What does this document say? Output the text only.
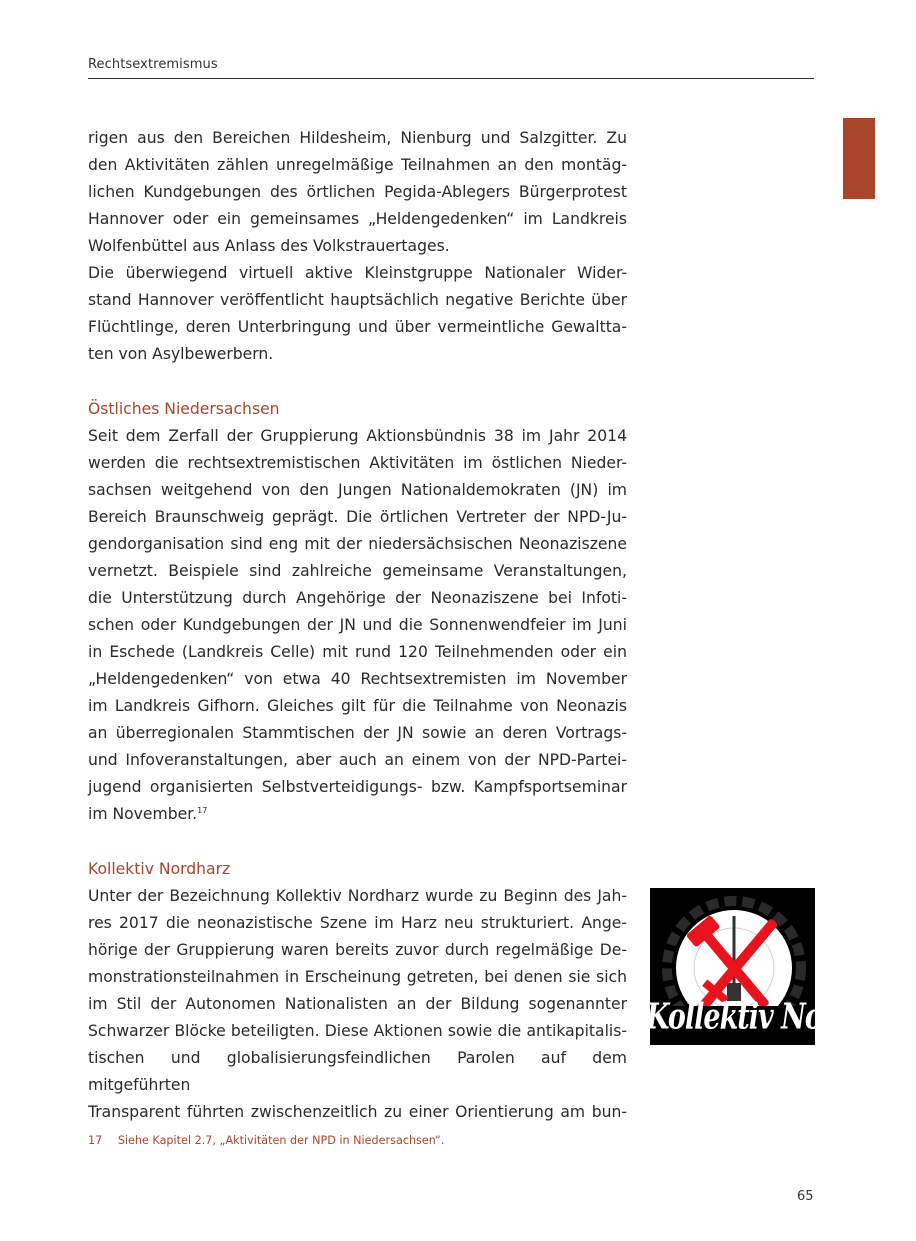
Rechtsextremismus
rigen aus den Bereichen Hildesheim, Nienburg und Salzgitter. Zu
den Aktivitäten zählen unregelmäßige Teilnahmen an den montäg-
lichen Kundgebungen des örtlichen Pegida-Ablegers Bürgerprotest
Hannover oder ein gemeinsames „Heldengedenken“ im Landkreis
Wolfenbüttel aus Anlass des Volkstrauertages.
Die überwiegend virtuell aktive Kleinstgruppe Nationaler Wider-
stand Hannover veröffentlicht hauptsächlich negative Berichte über
Flüchtlinge, deren Unterbringung und über vermeintliche Gewaltta-
ten von Asylbewerbern.
Östliches Niedersachsen
Seit dem Zerfall der Gruppierung Aktionsbündnis 38 im Jahr 2014
werden die rechtsextremistischen Aktivitäten im östlichen Nieder-
sachsen weitgehend von den Jungen Nationaldemokraten (JN) im
Bereich Braunschweig geprägt. Die örtlichen Vertreter der NPD-Ju-
gendorganisation sind eng mit der niedersächsischen Neonaziszene
vernetzt. Beispiele sind zahlreiche gemeinsame Veranstaltungen,
die Unterstützung durch Angehörige der Neonaziszene bei Infoti-
schen oder Kundgebungen der JN und die Sonnenwendfeier im Juni
in Eschede (Landkreis Celle) mit rund 120 Teilnehmenden oder ein
„Heldengedenken“ von etwa 40 Rechtsextremisten im November
im Landkreis Gifhorn. Gleiches gilt für die Teilnahme von Neonazis
an überregionalen Stammtischen der JN sowie an deren Vortrags-
und Infoveranstaltungen, aber auch an einem von der NPD-Partei-
jugend organisierten Selbstverteidigungs- bzw. Kampfsportseminar
im November.$^{17}$
Kollektiv Nordharz
Unter der Bezeichnung Kollektiv Nordharz wurde zu Beginn des Jah-
res 2017 die neonazistische Szene im Harz neu strukturiert. Ange-
hörige der Gruppierung waren bereits zuvor durch regelmäßige De-
monstrationsteilnahmen in Erscheinung getreten, bei denen sie sich
im Stil der Autonomen Nationalisten an der Bildung sogenannter
Schwarzer Blöcke beteiligten. Diese Aktionen sowie die antikapitalis-
tischen und globalisierungsfeindlichen Parolen auf dem mitgeführten
Transparent führten zwischenzeitlich zu einer Orientierung am bun-
Kollektiv Nordharz
17 Siehe Kapitel 2.7, „Aktivitäten der NPD in Niedersachsen“.
65
